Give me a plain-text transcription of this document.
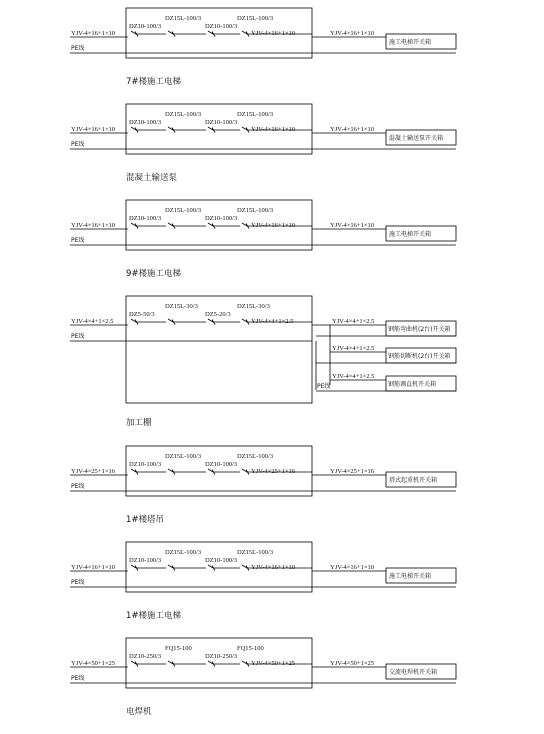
DZ15L-100/3	DZ15L-100/3
DZ10-100/3	DZ10-100/3
YJV-4×16+1×10	YJV-4×16+1×10
PE线
YJV-4×16+1×10
施工电梯开关箱
7#楼施工电梯
DZ15L-100/3	DZ15L-100/3
DZ10-100/3	DZ10-100/3
YJV-4×16+1×10	YJV-4×16+1×10
PE线
YJV-4×16+1×10
混凝土输送泵开关箱
混凝土输送泵
DZ15L-100/3	DZ15L-100/3
DZ10-100/3	DZ10-100/3
YJV-4×16+1×10	YJV-4×16+1×10
PE线
YJV-4×16+1×10
施工电梯开关箱
9#楼施工电梯
DZ15L-30/3	DZ15L-30/3
DZ5-50/3	DZ5-20/3
YJV-4×4+1×2.5	YJV-4×4+1×2.5
PE线
YJV-4×4+1×2.5
钢筋弯曲机(2台)开关箱
YJV-4×4+1×2.5
钢筋切断机(2台)开关箱
YJV-4×4+1×2.5
钢筋调直机开关箱
PE线
加工棚
DZ15L-100/3	DZ15L-100/3
DZ10-100/3	DZ10-100/3
YJV-4×25+1×16	YJV-4×25+1×16
PE线
YJV-4×25+1×16
塔式起重机开关箱
1#楼塔吊
DZ15L-100/3	DZ15L-100/3
DZ10-100/3	DZ10-100/3
YJV-4×16+1×10	YJV-4×16+1×10
PE线
YJV-4×16+1×10
施工电梯开关箱
1#楼施工电梯
FQ15-100	FQ15-100
DZ10-250/3	DZ10-250/3
YJV-4×50+1×25	YJV-4×50+1×25
PE线
YJV-4×50+1×25
交流电焊机开关箱
电焊机
